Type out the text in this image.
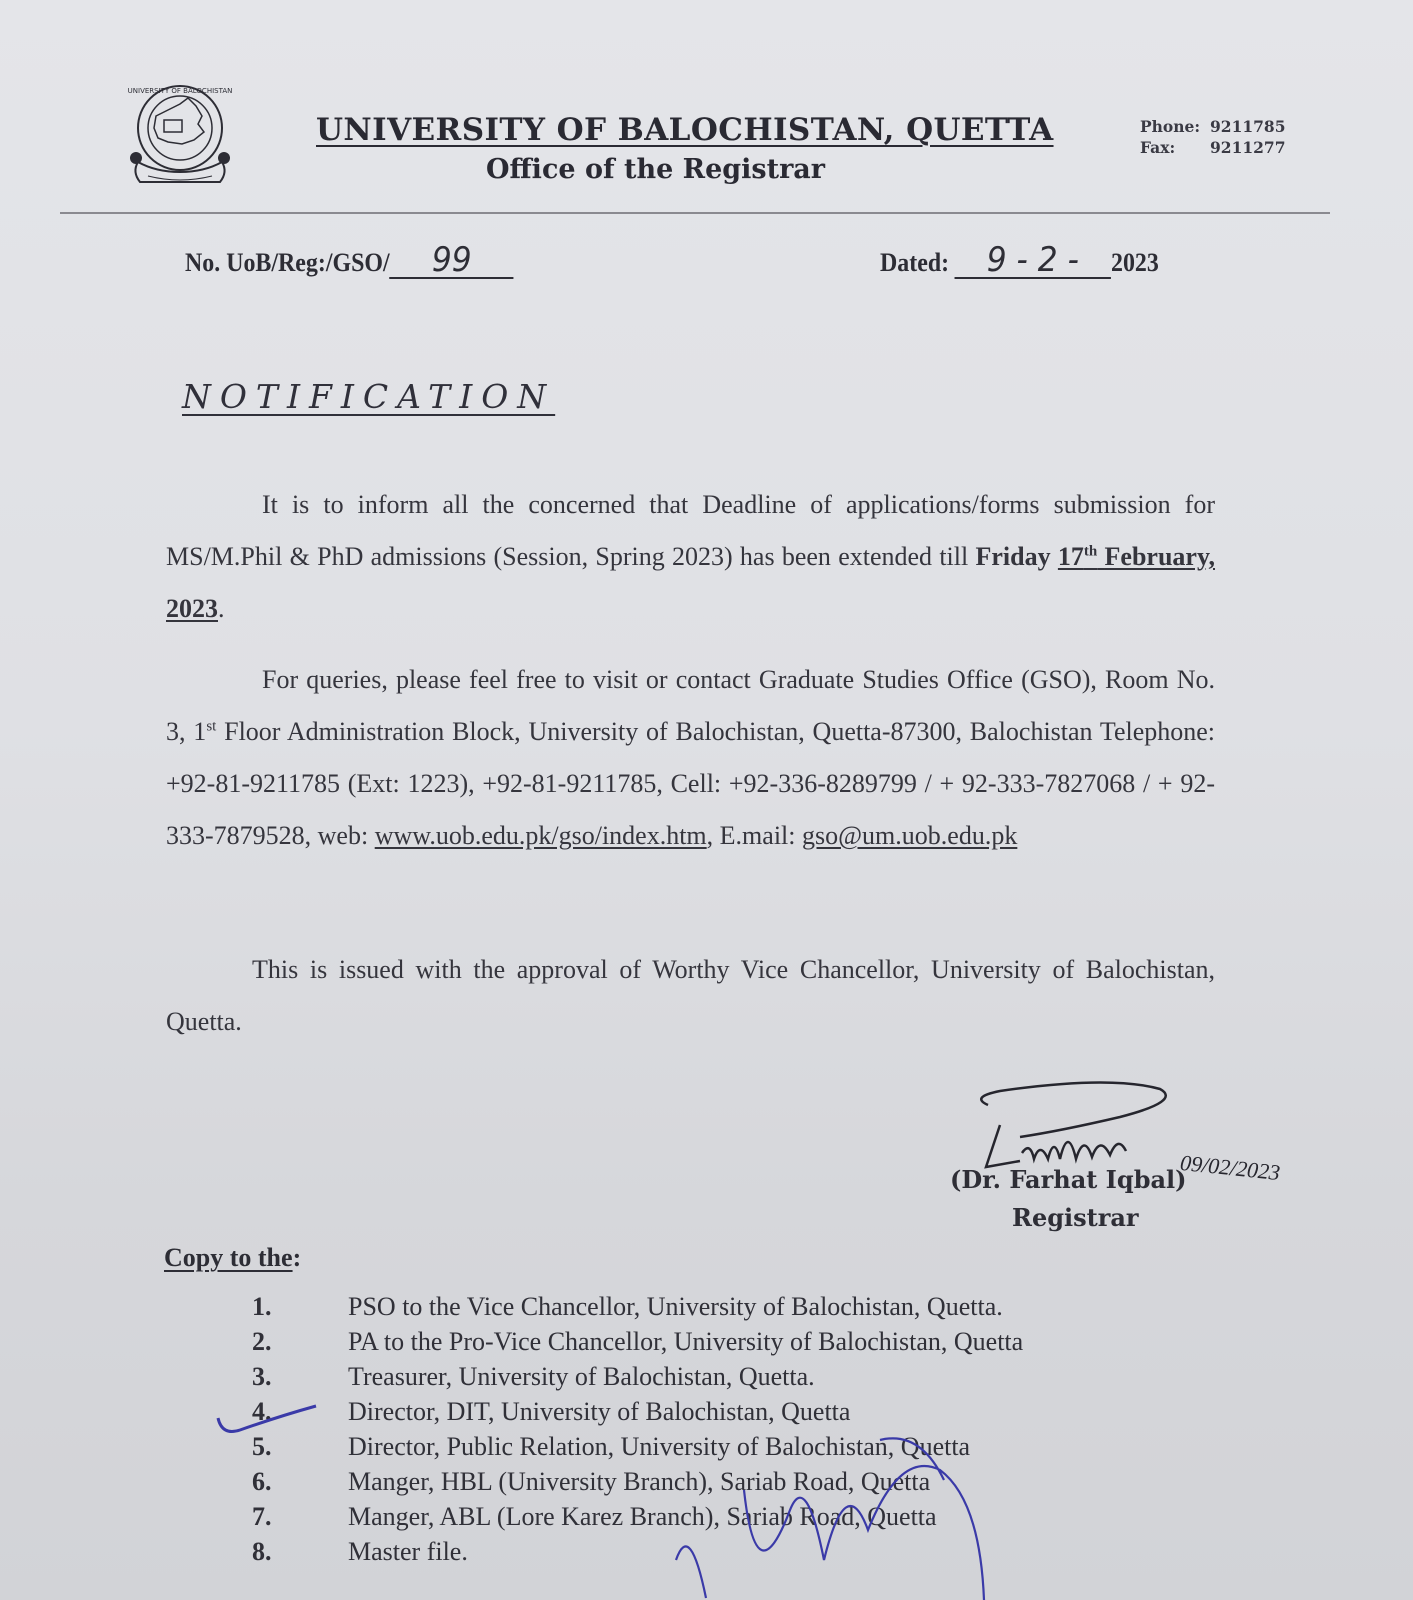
UNIVERSITY OF BALOCHISTAN
UNIVERSITY OF BALOCHISTAN, QUETTA
Office of the Registrar
Phone: 9211785
Fax: 9211277
No. UoB/Reg:/GSO/ 99	Dated: 9 - 2 - 2023
NOTIFICATION
It is to inform all the concerned that Deadline of applications/forms submission for MS/M.Phil & PhD admissions (Session, Spring 2023) has been extended till Friday 17th February, 2023.
For queries, please feel free to visit or contact Graduate Studies Office (GSO), Room No. 3, 1st Floor Administration Block, University of Balochistan, Quetta-87300, Balochistan Telephone: +92-81-9211785 (Ext: 1223), +92-81-9211785, Cell: +92-336-8289799 / + 92-333-7827068 / + 92-333-7879528, web: www.uob.edu.pk/gso/index.htm, E.mail: gso@um.uob.edu.pk
This is issued with the approval of Worthy Vice Chancellor, University of Balochistan, Quetta.
09/02/2023
(Dr. Farhat Iqbal)
Registrar
Copy to the:
1.	PSO to the Vice Chancellor, University of Balochistan, Quetta.
2.	PA to the Pro-Vice Chancellor, University of Balochistan, Quetta
3.	Treasurer, University of Balochistan, Quetta.
4.	Director, DIT, University of Balochistan, Quetta
5.	Director, Public Relation, University of Balochistan, Quetta
6.	Manger, HBL (University Branch), Sariab Road, Quetta
7.	Manger, ABL (Lore Karez Branch), Sariab Road, Quetta
8.	Master file.
